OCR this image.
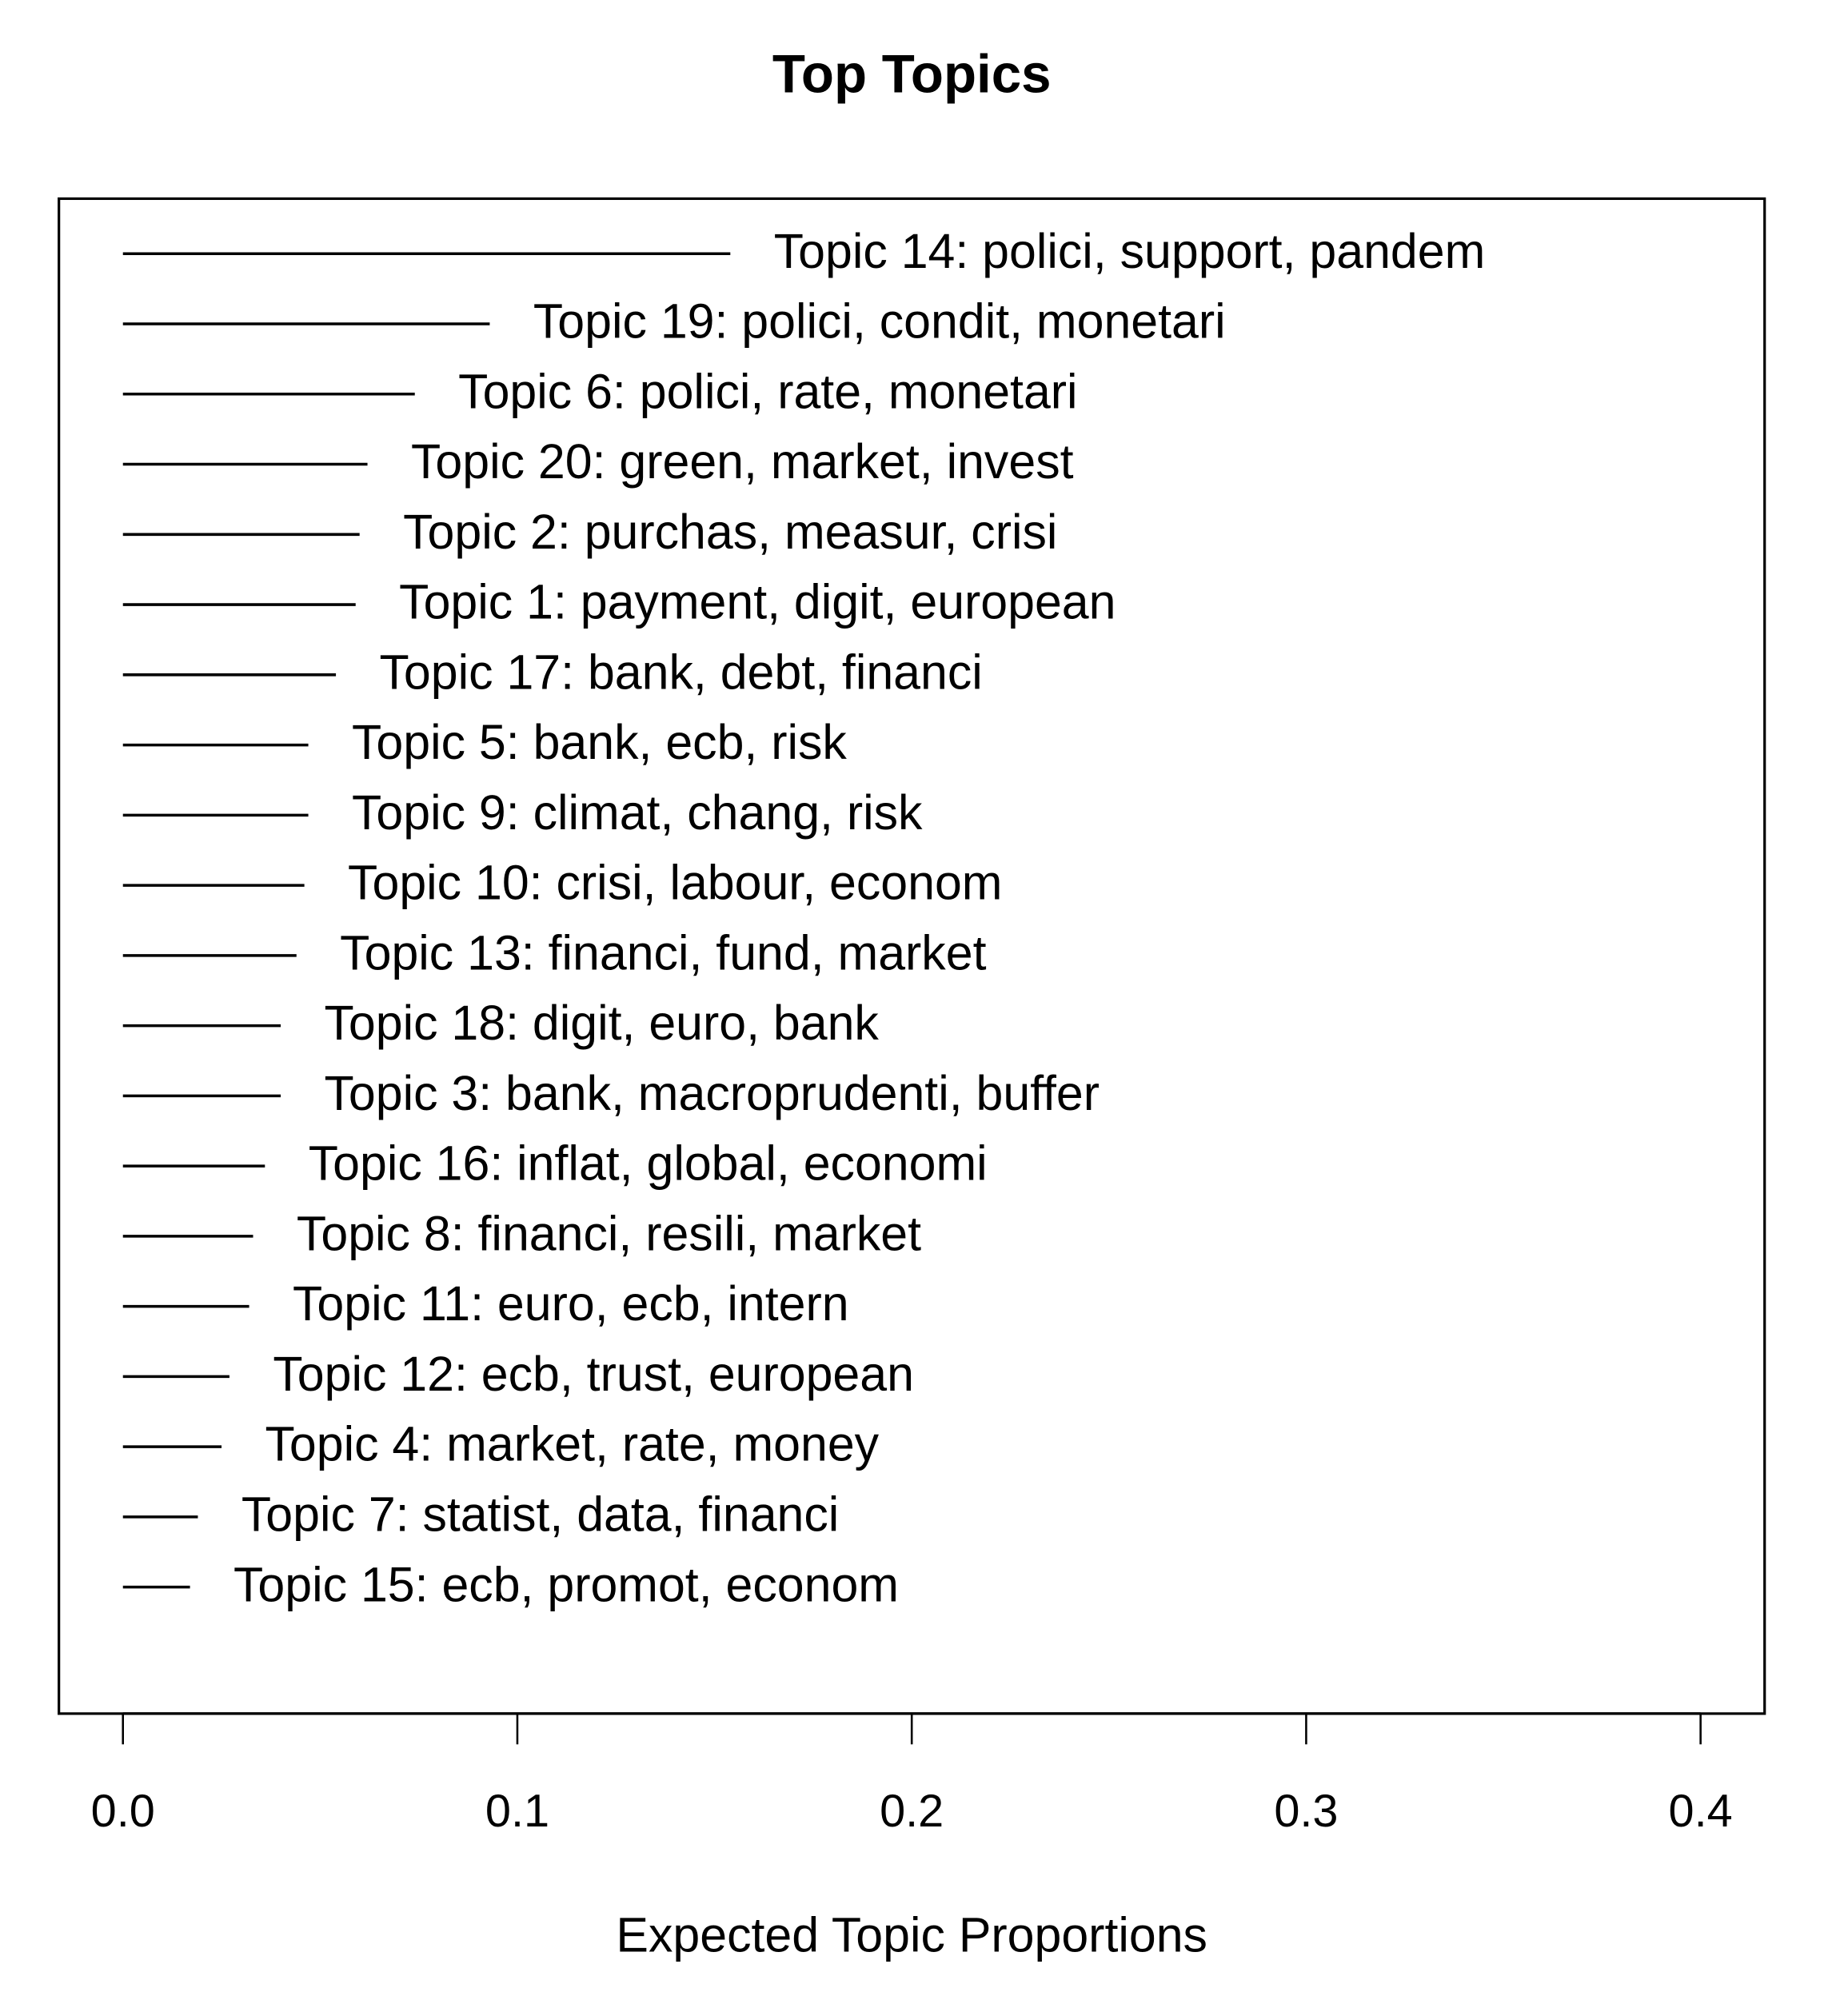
Top Topics
Topic 14: polici, support, pandem
Topic 19: polici, condit, monetari
Topic 6: polici, rate, monetari
Topic 20: green, market, invest
Topic 2: purchas, measur, crisi
Topic 1: payment, digit, european
Topic 17: bank, debt, financi
Topic 5: bank, ecb, risk
Topic 9: climat, chang, risk
Topic 10: crisi, labour, econom
Topic 13: financi, fund, market
Topic 18: digit, euro, bank
Topic 3: bank, macroprudenti, buffer
Topic 16: inflat, global, economi
Topic 8: financi, resili, market
Topic 11: euro, ecb, intern
Topic 12: ecb, trust, european
Topic 4: market, rate, money
Topic 7: statist, data, financi
Topic 15: ecb, promot, econom
0.0	0.1	0.2	0.3	0.4
Expected Topic Proportions
